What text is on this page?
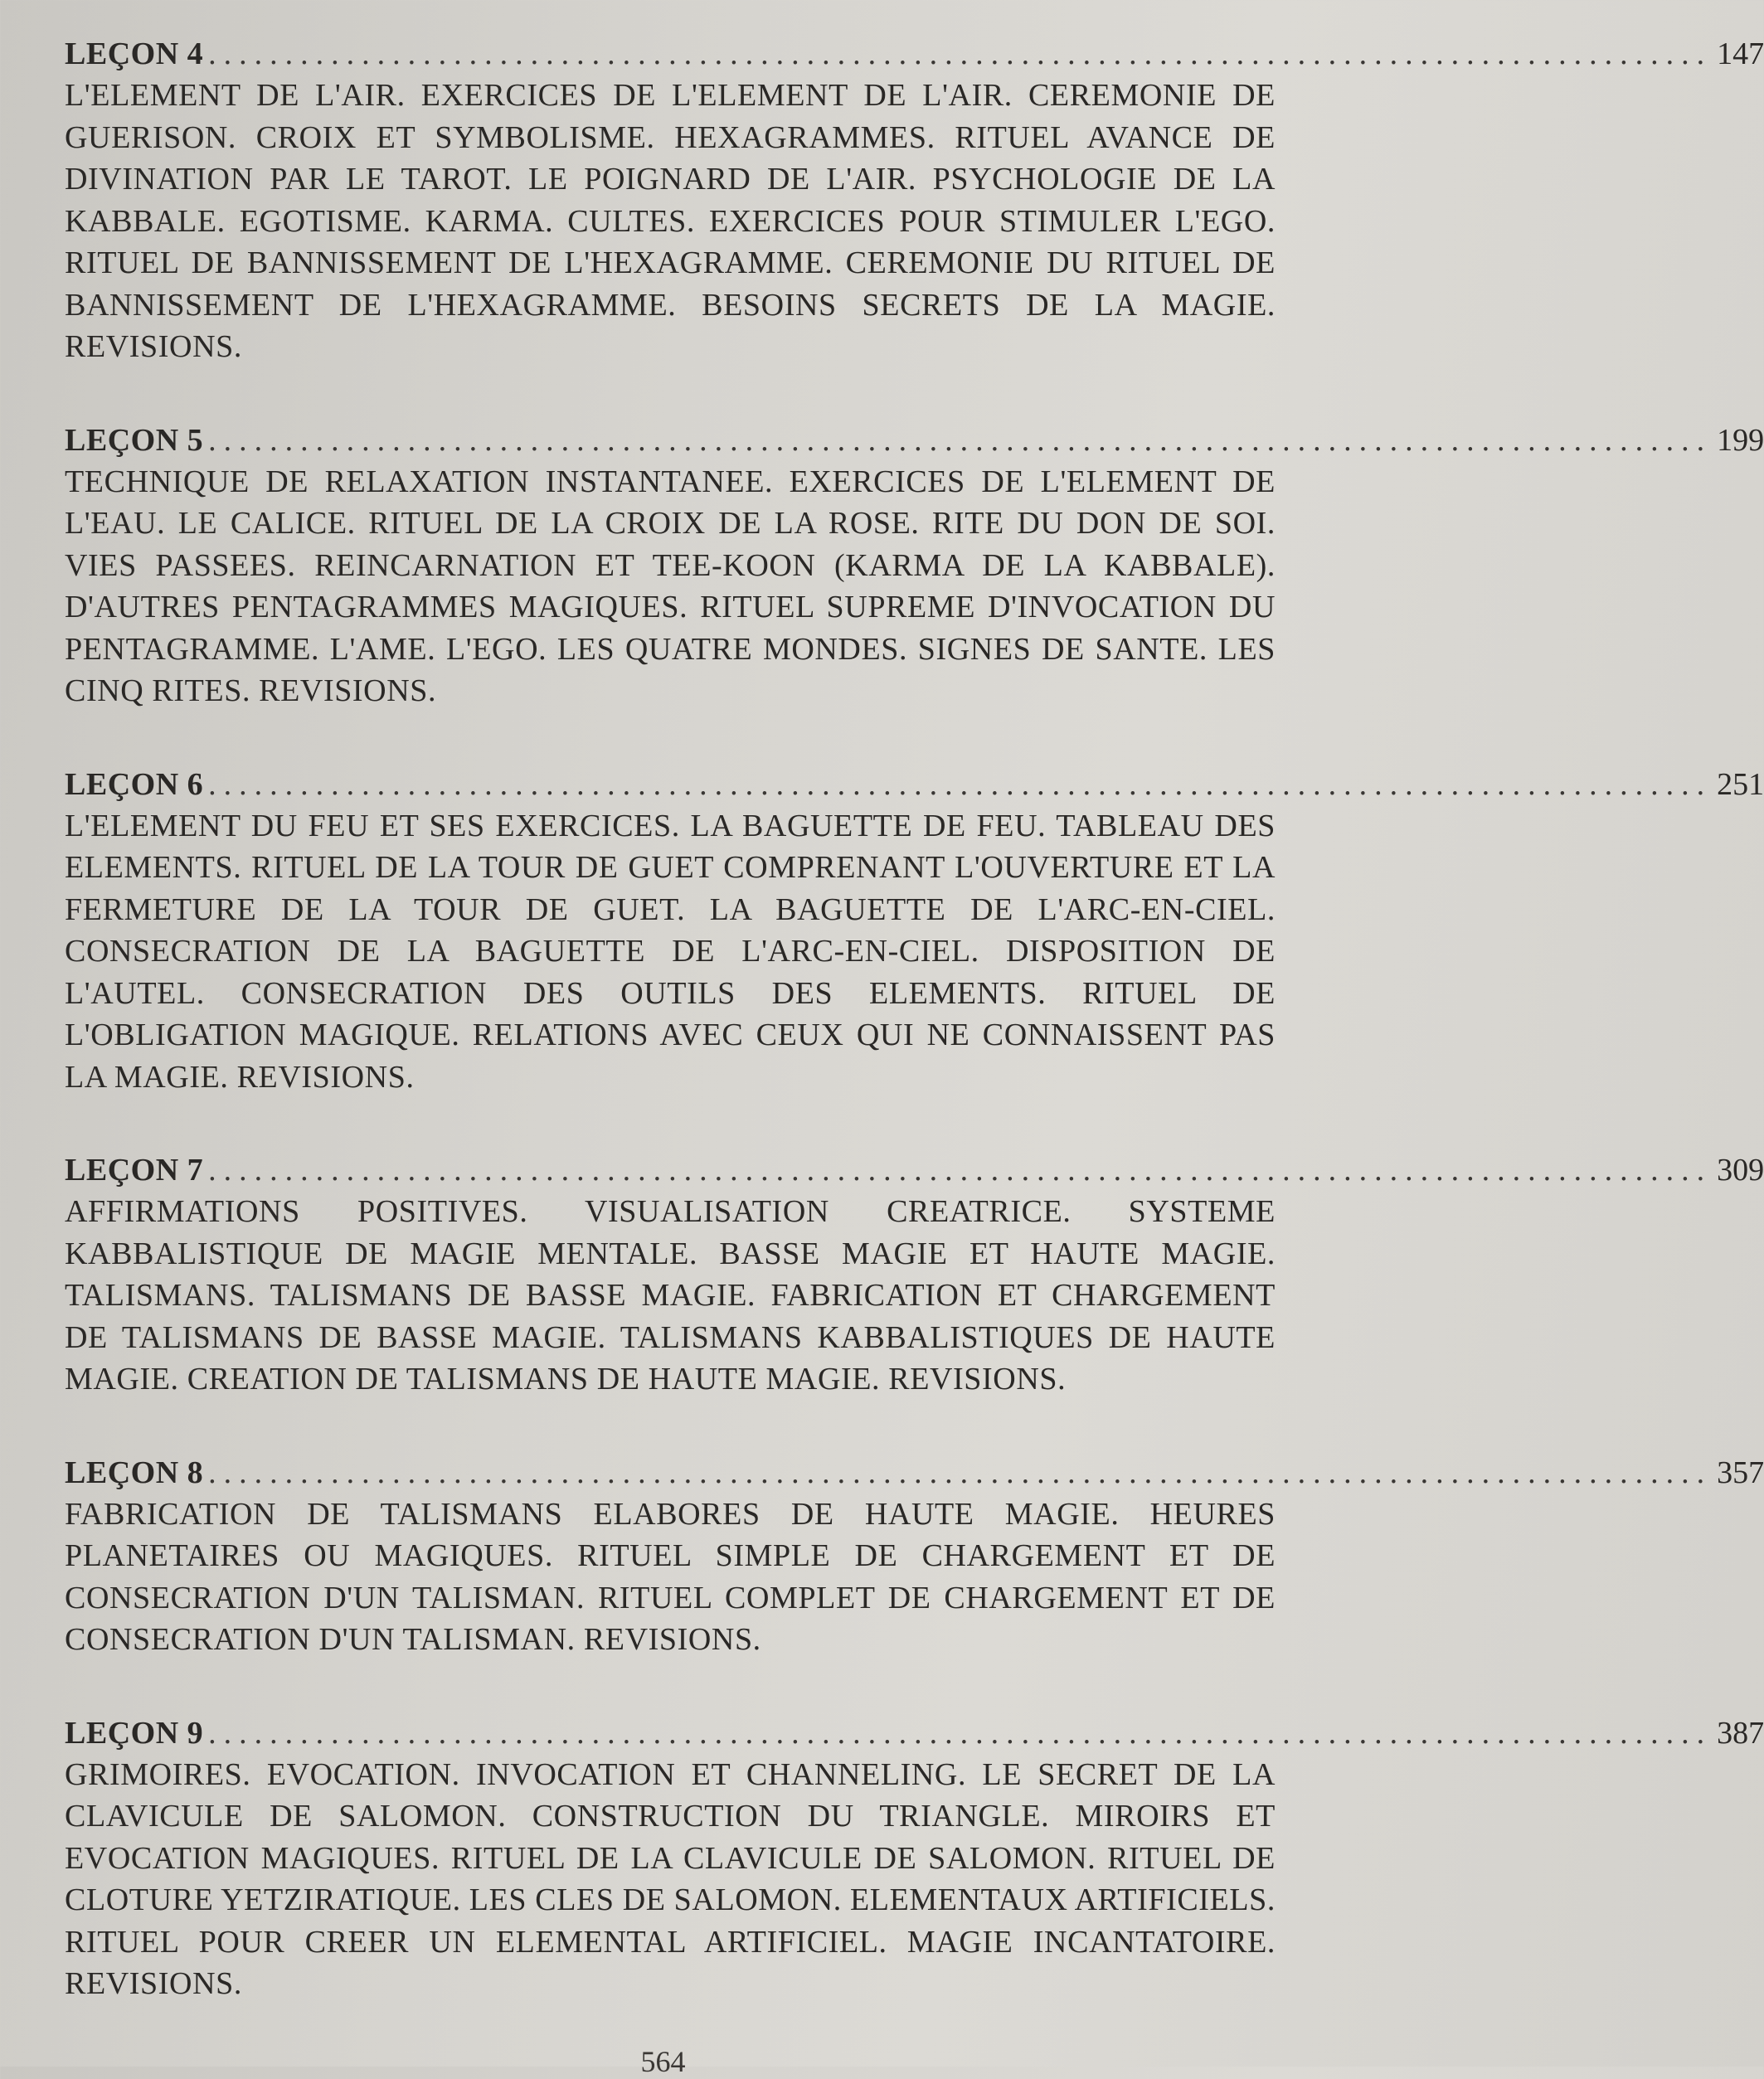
LEÇON 4 .................................................................................................. 147

L'ELEMENT DE L'AIR. EXERCICES DE L'ELEMENT DE L'AIR. CEREMONIE DE GUERISON. CROIX ET SYMBOLISME. HEXAGRAMMES. RITUEL AVANCE DE DIVINATION PAR LE TAROT. LE POIGNARD DE L'AIR. PSYCHOLOGIE DE LA KABBALE. EGOTISME. KARMA. CULTES. EXERCICES POUR STIMULER L'EGO. RITUEL DE BANNISSEMENT DE L'HEXAGRAMME. CEREMONIE DU RITUEL DE BANNISSEMENT DE L'HEXAGRAMME. BESOINS SECRETS DE LA MAGIE. REVISIONS.

LEÇON 5 .................................................................................................. 199

TECHNIQUE DE RELAXATION INSTANTANEE. EXERCICES DE L'ELEMENT DE L'EAU. LE CALICE. RITUEL DE LA CROIX DE LA ROSE. RITE DU DON DE SOI. VIES PASSEES. REINCARNATION ET TEE-KOON (KARMA DE LA KABBALE). D'AUTRES PENTAGRAMMES MAGIQUES. RITUEL SUPREME D'INVOCATION DU PENTAGRAMME. L'AME. L'EGO. LES QUATRE MONDES. SIGNES DE SANTE. LES CINQ RITES. REVISIONS.

LEÇON 6 .................................................................................................. 251

L'ELEMENT DU FEU ET SES EXERCICES. LA BAGUETTE DE FEU. TABLEAU DES ELEMENTS. RITUEL DE LA TOUR DE GUET COMPRENANT L'OUVERTURE ET LA FERMETURE DE LA TOUR DE GUET. LA BAGUETTE DE L'ARC-EN-CIEL. CONSECRATION DE LA BAGUETTE DE L'ARC-EN-CIEL. DISPOSITION DE L'AUTEL. CONSECRATION DES OUTILS DES ELEMENTS. RITUEL DE L'OBLIGATION MAGIQUE. RELATIONS AVEC CEUX QUI NE CONNAISSENT PAS LA MAGIE. REVISIONS.

LEÇON 7 .................................................................................................. 309

AFFIRMATIONS POSITIVES. VISUALISATION CREATRICE. SYSTEME KABBALISTIQUE DE MAGIE MENTALE. BASSE MAGIE ET HAUTE MAGIE. TALISMANS. TALISMANS DE BASSE MAGIE. FABRICATION ET CHARGEMENT DE TALISMANS DE BASSE MAGIE. TALISMANS KABBALISTIQUES DE HAUTE MAGIE. CREATION DE TALISMANS DE HAUTE MAGIE. REVISIONS.

LEÇON 8 .................................................................................................. 357

FABRICATION DE TALISMANS ELABORES DE HAUTE MAGIE. HEURES PLANETAIRES OU MAGIQUES. RITUEL SIMPLE DE CHARGEMENT ET DE CONSECRATION D'UN TALISMAN. RITUEL COMPLET DE CHARGEMENT ET DE CONSECRATION D'UN TALISMAN. REVISIONS.

LEÇON 9 .................................................................................................. 387

GRIMOIRES. EVOCATION. INVOCATION ET CHANNELING. LE SECRET DE LA CLAVICULE DE SALOMON. CONSTRUCTION DU TRIANGLE. MIROIRS ET EVOCATION MAGIQUES. RITUEL DE LA CLAVICULE DE SALOMON. RITUEL DE CLOTURE YETZIRATIQUE. LES CLES DE SALOMON. ELEMENTAUX ARTIFICIELS. RITUEL POUR CREER UN ELEMENTAL ARTIFICIEL. MAGIE INCANTATOIRE. REVISIONS.

564
